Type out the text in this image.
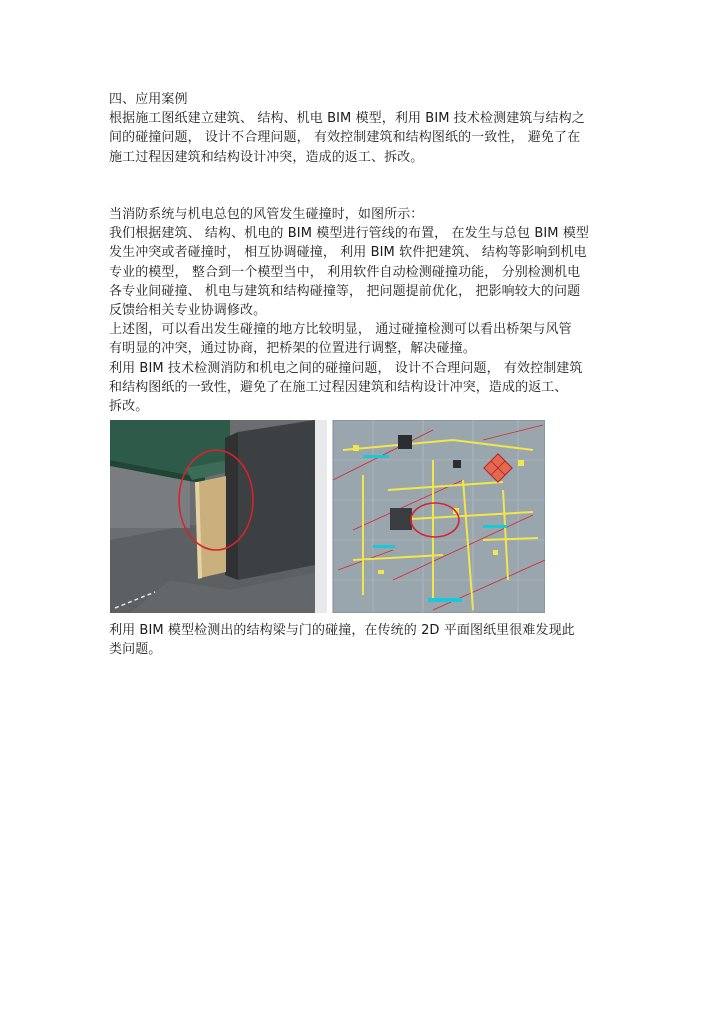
四、应用案例
根据施工图纸建立建筑、 结构、机电 BIM 模型，利用 BIM 技术检测建筑与结构之
间的碰撞问题， 设计不合理问题， 有效控制建筑和结构图纸的一致性， 避免了在
施工过程因建筑和结构设计冲突，造成的返工、拆改。
当消防系统与机电总包的风管发生碰撞时，如图所示：
我们根据建筑、 结构、机电的 BIM 模型进行管线的布置， 在发生与总包 BIM 模型
发生冲突或者碰撞时， 相互协调碰撞， 利用 BIM 软件把建筑、 结构等影响到机电
专业的模型， 整合到一个模型当中， 利用软件自动检测碰撞功能， 分别检测机电
各专业间碰撞、 机电与建筑和结构碰撞等， 把问题提前优化， 把影响较大的问题
反馈给相关专业协调修改。
上述图，可以看出发生碰撞的地方比较明显， 通过碰撞检测可以看出桥架与风管
有明显的冲突，通过协商，把桥架的位置进行调整，解决碰撞。
利用 BIM 技术检测消防和机电之间的碰撞问题， 设计不合理问题， 有效控制建筑
和结构图纸的一致性，避免了在施工过程因建筑和结构设计冲突，造成的返工、
拆改。
利用 BIM 模型检测出的结构梁与门的碰撞，在传统的 2D 平面图纸里很难发现此
类问题。
